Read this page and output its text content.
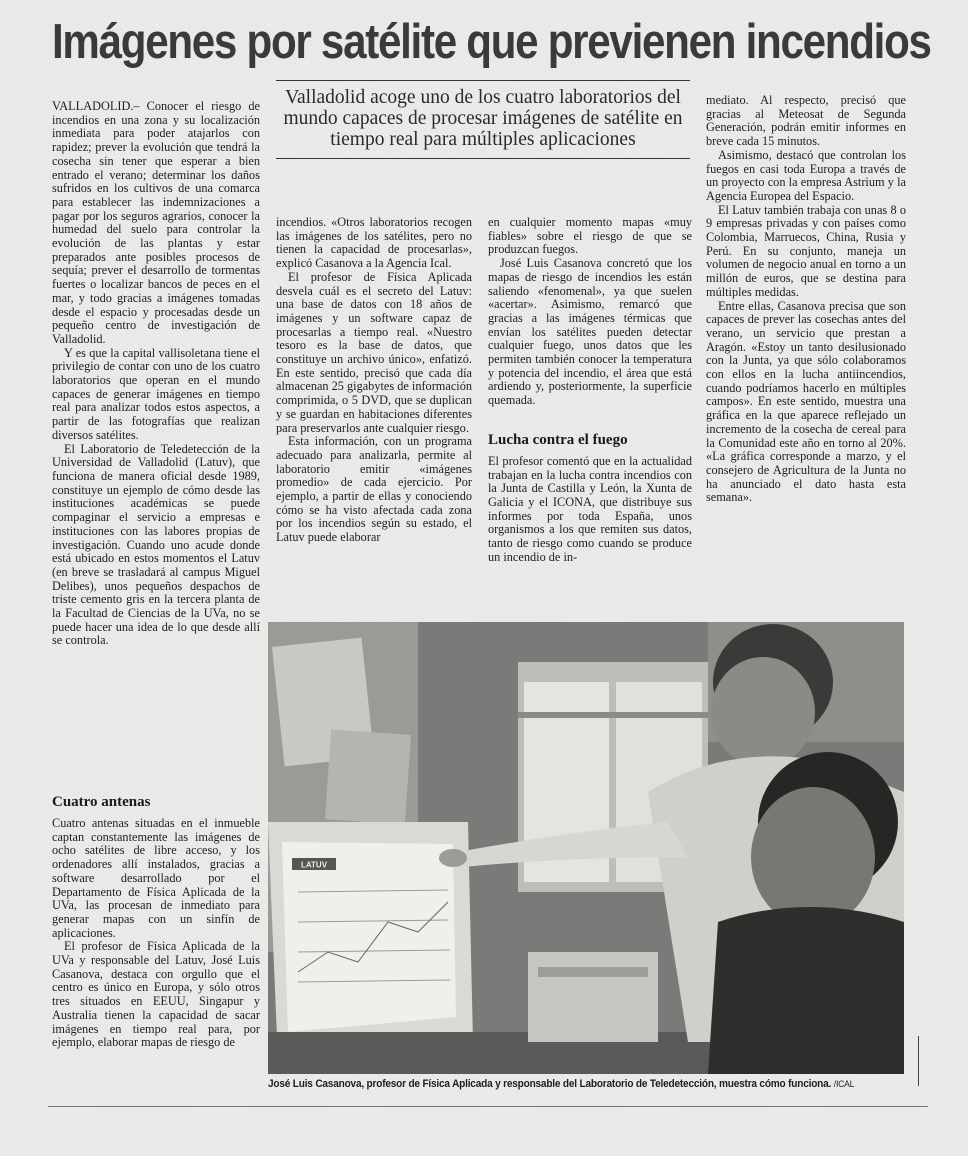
Imágenes por satélite que previenen incendios
Valladolid acoge uno de los cuatro laboratorios del mundo capaces de procesar imágenes de satélite en tiempo real para múltiples aplicaciones

VALLADOLID.– Conocer el riesgo de incendios en una zona y su localización inmediata para poder atajarlos con rapidez; prever la evolución que tendrá la cosecha sin tener que esperar a bien entrado el verano; determinar los daños sufridos en los cultivos de una comarca para establecer las indemnizaciones a pagar por los seguros agrarios, conocer la humedad del suelo para controlar la evolución de las plantas y estar preparados ante posibles procesos de sequía; prever el desarrollo de tormentas fuertes o localizar bancos de peces en el mar, y todo gracias a imágenes tomadas desde el espacio y procesadas desde un pequeño centro de investigación de Valladolid.

Y es que la capital vallisoletana tiene el privilegio de contar con uno de los cuatro laboratorios que operan en el mundo capaces de generar imágenes en tiempo real para analizar todos estos aspectos, a partir de las fotografías que realizan diversos satélites.

El Laboratorio de Teledetección de la Universidad de Valladolid (Latuv), que funciona de manera oficial desde 1989, constituye un ejemplo de cómo desde las instituciones académicas se puede compaginar el servicio a empresas e instituciones con las labores propias de investigación. Cuando uno acude donde está ubicado en estos momentos el Latuv (en breve se trasladará al campus Miguel Delibes), unos pequeños despachos de triste cemento gris en la tercera planta de la Facultad de Ciencias de la UVa, no se puede hacer una idea de lo que desde allí se controla.

Cuatro antenas

Cuatro antenas situadas en el inmueble captan constantemente las imágenes de ocho satélites de libre acceso, y los ordenadores allí instalados, gracias a software desarrollado por el Departamento de Física Aplicada de la UVa, las procesan de inmediato para generar mapas con un sinfín de aplicaciones.

El profesor de Física Aplicada de la UVa y responsable del Latuv, José Luis Casanova, destaca con orgullo que el centro es único en Europa, y sólo otros tres situados en EEUU, Singapur y Australia tienen la capacidad de sacar imágenes en tiempo real para, por ejemplo, elaborar mapas de riesgo de

incendios. «Otros laboratorios recogen las imágenes de los satélites, pero no tienen la capacidad de procesarlas», explicó Casanova a la Agencia Ical.

El profesor de Física Aplicada desvela cuál es el secreto del Latuv: una base de datos con 18 años de imágenes y un software capaz de procesarlas a tiempo real. «Nuestro tesoro es la base de datos, que constituye un archivo único», enfatizó. En este sentido, precisó que cada día almacenan 25 gigabytes de información comprimida, o 5 DVD, que se duplican y se guardan en habitaciones diferentes para preservarlos ante cualquier riesgo.

Esta información, con un programa adecuado para analizarla, permite al laboratorio emitir «imágenes promedio» de cada ejercicio. Por ejemplo, a partir de ellas y conociendo cómo se ha visto afectada cada zona por los incendios según su estado, el Latuv puede elaborar

en cualquier momento mapas «muy fiables» sobre el riesgo de que se produzcan fuegos.

José Luis Casanova concretó que los mapas de riesgo de incendios les están saliendo «fenomenal», ya que suelen «acertar». Asimismo, remarcó que gracias a las imágenes térmicas que envían los satélites pueden detectar cualquier fuego, unos datos que les permiten también conocer la temperatura y potencia del incendio, el área que está ardiendo y, posteriormente, la superficie quemada.

Lucha contra el fuego

El profesor comentó que en la actualidad trabajan en la lucha contra incendios con la Junta de Castilla y León, la Xunta de Galicia y el ICONA, que distribuye sus informes por toda España, unos organismos a los que remiten sus datos, tanto de riesgo como cuando se produce un incendio de in-

mediato. Al respecto, precisó que gracias al Meteosat de Segunda Generación, podrán emitir informes en breve cada 15 minutos.

Asimismo, destacó que controlan los fuegos en casi toda Europa a través de un proyecto con la empresa Astrium y la Agencia Europea del Espacio.

El Latuv también trabaja con unas 8 o 9 empresas privadas y con países como Colombia, Marruecos, China, Rusia y Perú. En su conjunto, maneja un volumen de negocio anual en torno a un millón de euros, que se destina para múltiples medidas.

Entre ellas, Casanova precisa que son capaces de prever las cosechas antes del verano, un servicio que prestan a Aragón. «Estoy un tanto desilusionado con la Junta, ya que sólo colaboramos con ellos en la lucha antiincendios, cuando podríamos hacerlo en múltiples campos». En este sentido, muestra una gráfica en la que aparece reflejado un incremento de la cosecha de cereal para la Comunidad este año en torno al 20%. «La gráfica corresponde a marzo, y el consejero de Agricultura de la Junta no ha anunciado el dato hasta esta semana».

LATUV
José Luis Casanova, profesor de Física Aplicada y responsable del Laboratorio de Teledetección, muestra cómo funciona. /ICAL
